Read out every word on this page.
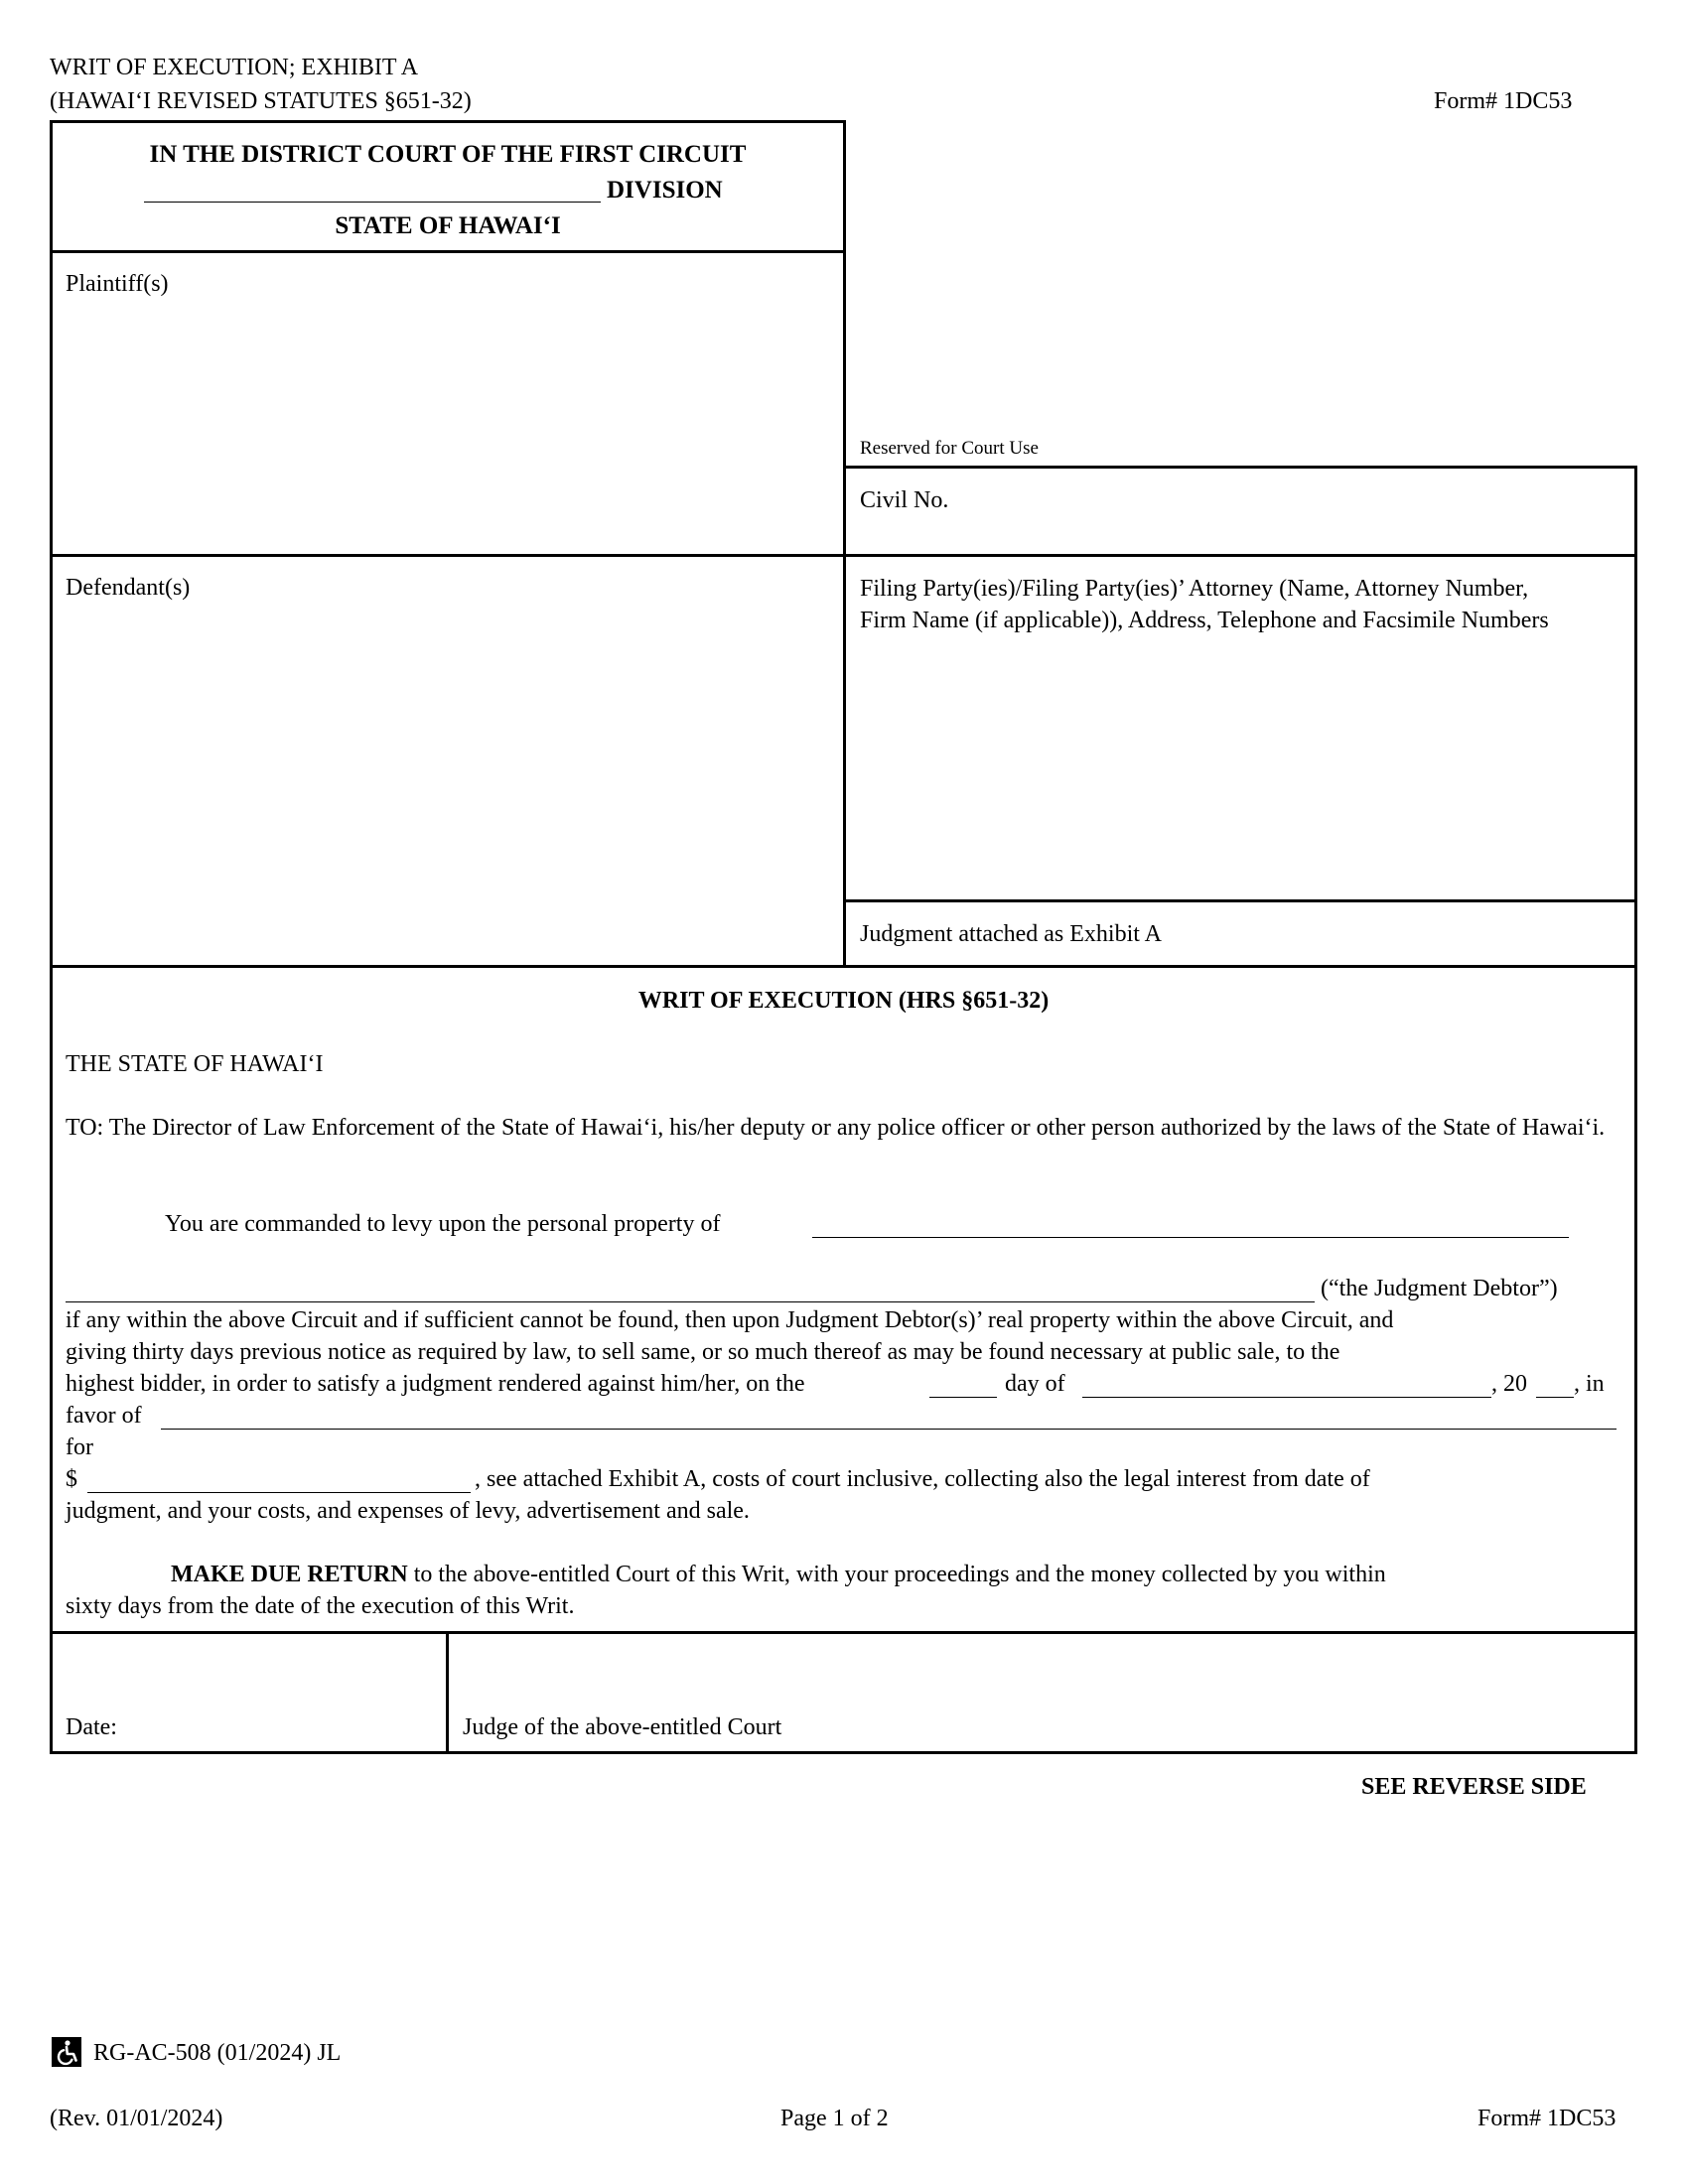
WRIT OF EXECUTION; EXHIBIT A
(HAWAI‘I REVISED STATUTES §651-32)	Form# 1DC53
IN THE DISTRICT COURT OF THE FIRST CIRCUIT
DIVISION
STATE OF HAWAI‘I
Plaintiff(s)
Defendant(s)
Reserved for Court Use
Civil No.
Filing Party(ies)/Filing Party(ies)’ Attorney (Name, Attorney Number, Firm Name (if applicable)), Address, Telephone and Facsimile Numbers
Judgment attached as Exhibit A
WRIT OF EXECUTION (HRS §651-32)
THE STATE OF HAWAI‘I
TO: The Director of Law Enforcement of the State of Hawai‘i, his/her deputy or any police officer or other person authorized by the laws of the State of Hawai‘i.
You are commanded to levy upon the personal property of
(“the Judgment Debtor”)
if any within the above Circuit and if sufficient cannot be found, then upon Judgment Debtor(s)’ real property within the above Circuit, and
giving thirty days previous notice as required by law, to sell same, or so much thereof as may be found necessary at public sale, to the
highest bidder, in order to satisfy a judgment rendered against him/her, on the	day of	, 20 , in
favor of
for
$	, see attached Exhibit A, costs of court inclusive, collecting also the legal interest from date of
judgment, and your costs, and expenses of levy, advertisement and sale.
MAKE DUE RETURN to the above-entitled Court of this Writ, with your proceedings and the money collected by you within
sixty days from the date of the execution of this Writ.
Date:	Judge of the above-entitled Court
SEE REVERSE SIDE
RG-AC-508 (01/2024) JL
(Rev. 01/01/2024)	Page 1 of 2	Form# 1DC53
